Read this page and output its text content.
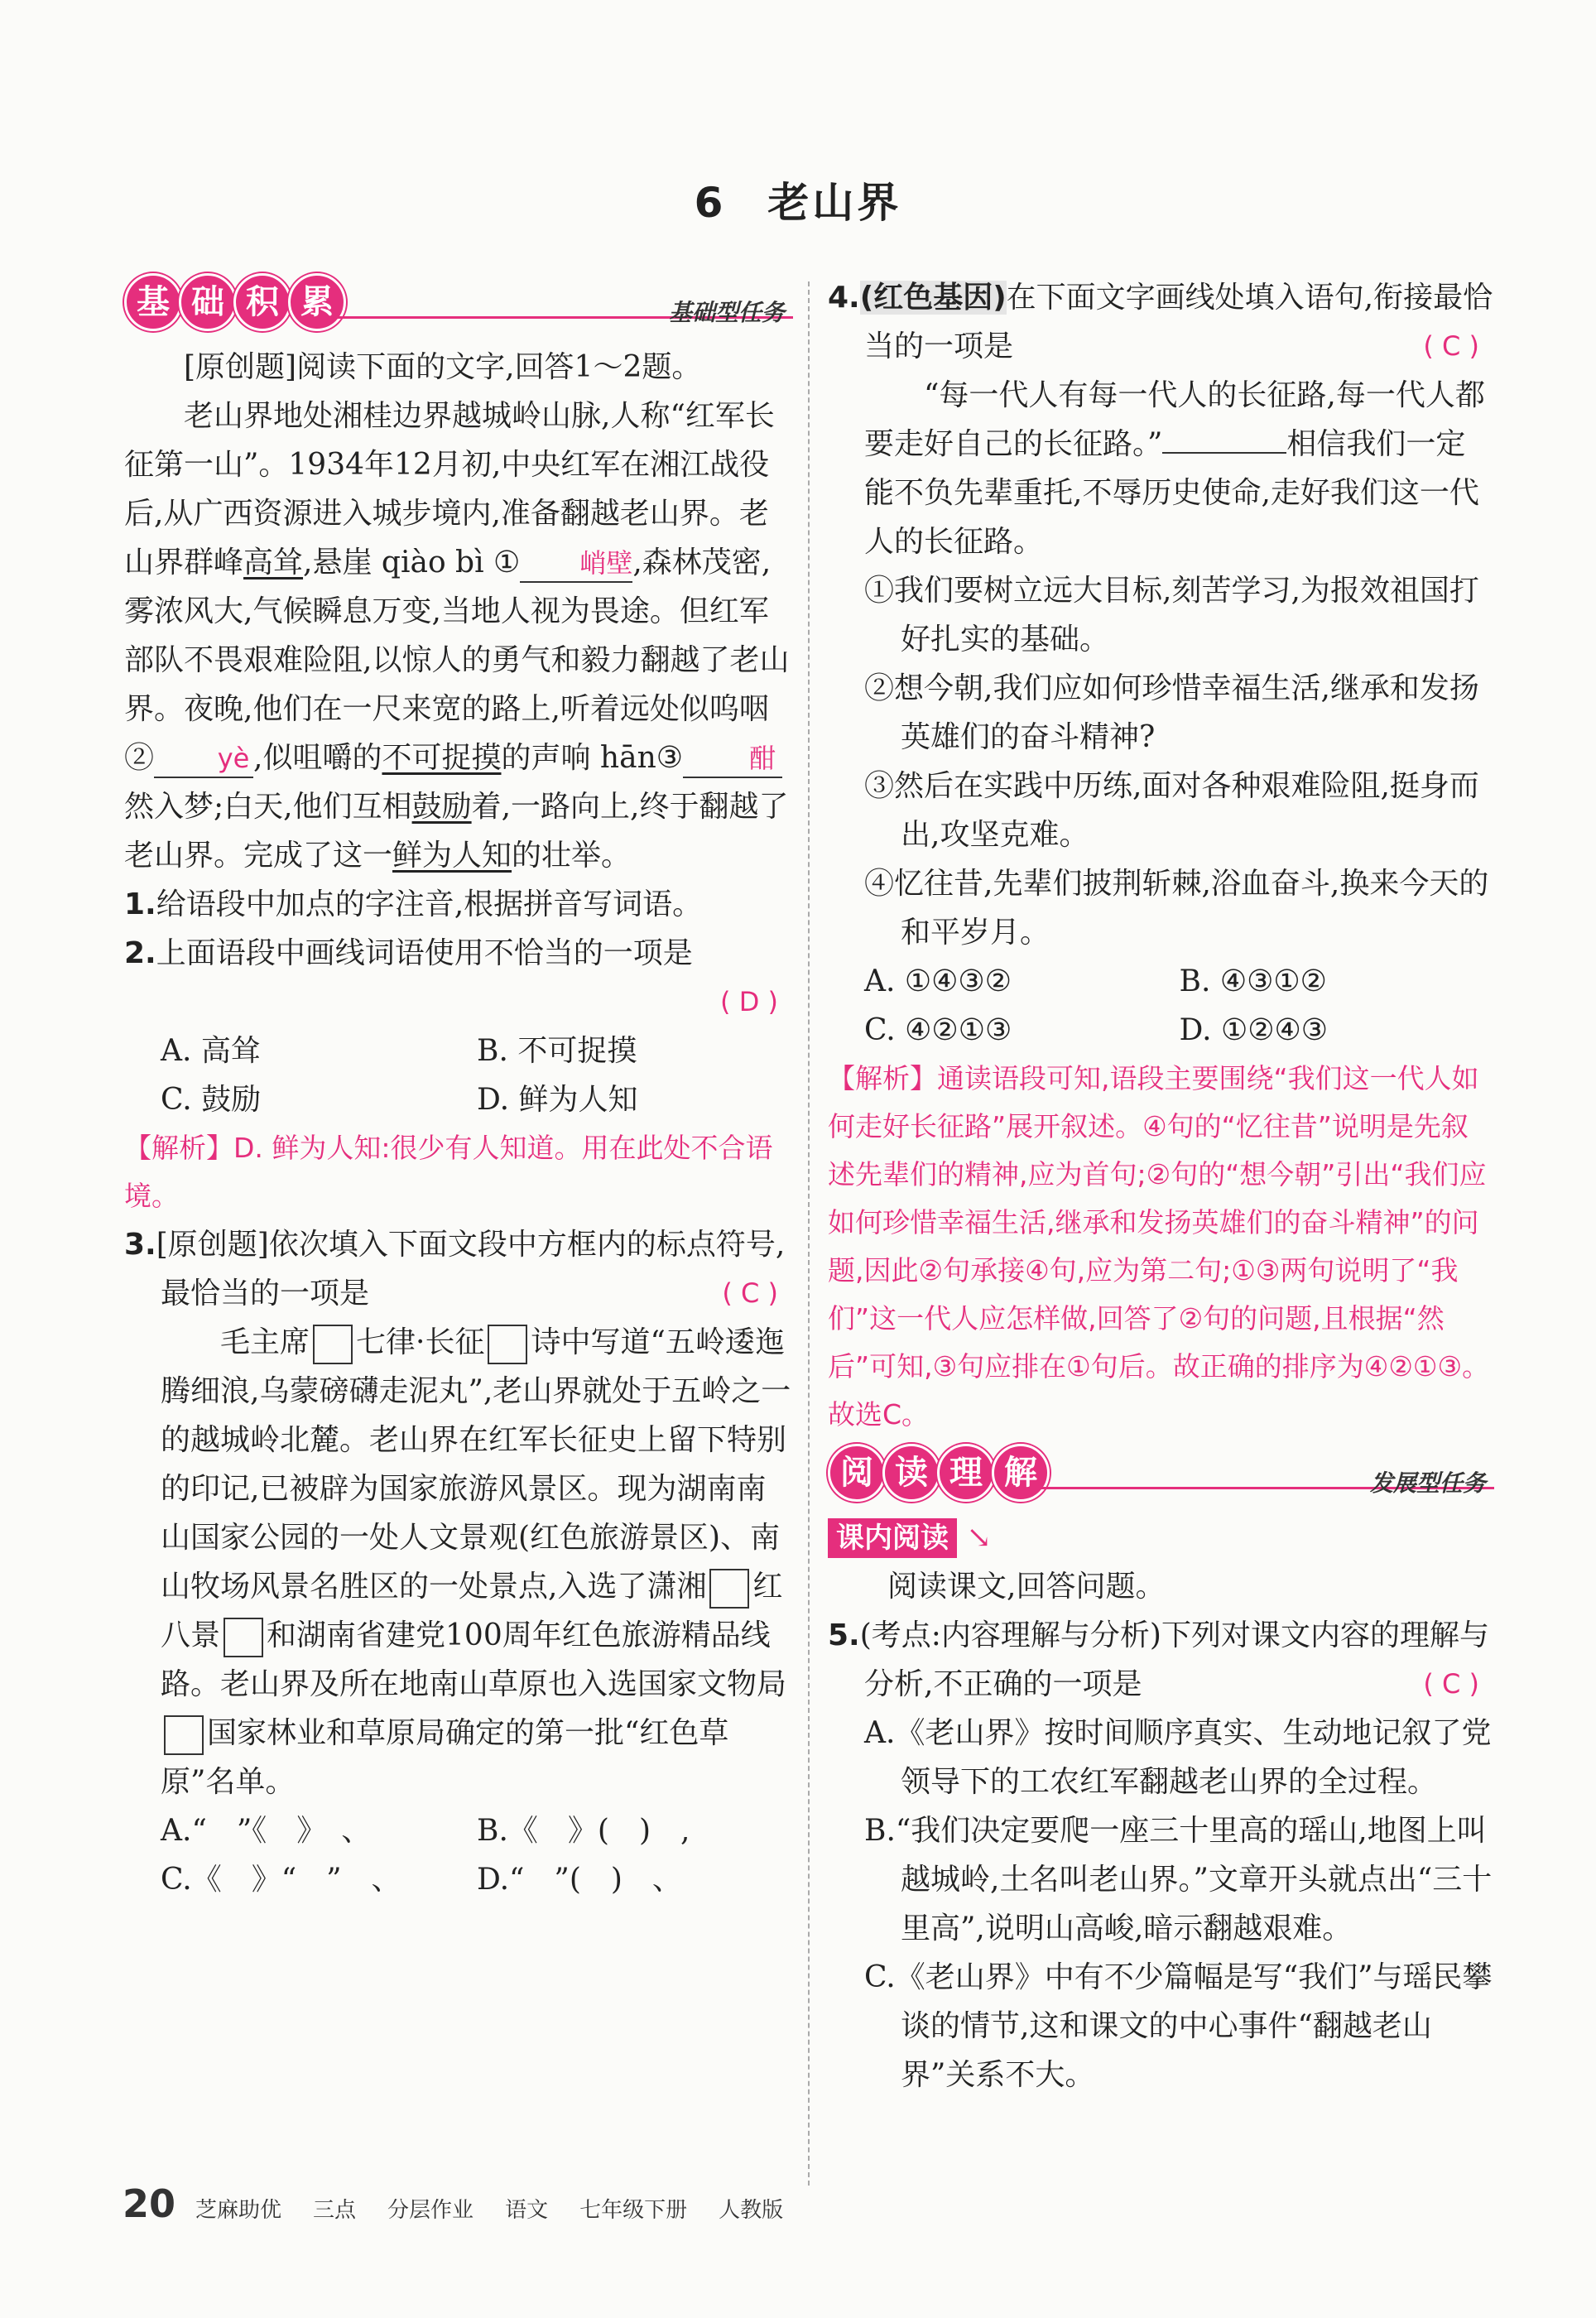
6 老山界
基 础 积 累	基础型任务

[原创题]阅读下面的文字,回答1～2题。

老山界地处湘桂边界越城岭山脉,人称“红军长征第一山”。1934年12月初,中央红军在湘江战役后,从广西资源进入城步境内,准备翻越老山界。老山界群峰高耸,悬崖 qiào bì ① 峭壁,森林茂密,雾浓风大,气候瞬息万变,当地人视为畏途。但红军部队不畏艰难险阻,以惊人的勇气和毅力翻越了老山界。夜晚,他们在一尺来宽的路上,听着远处似呜咽② yè ,似咀嚼的不可捉摸的声响 hān③ 酣然入梦;白天,他们互相鼓励着,一路向上,终于翻越了老山界。完成了这一鲜为人知的壮举。

1.给语段中加点的字注音,根据拼音写词语。

2.上面语段中画线词语使用不恰当的一项是

( D )

A. 高耸	B. 不可捉摸
C. 鼓励	D. 鲜为人知

【解析】D. 鲜为人知:很少有人知道。用在此处不合语境。

3.[原创题]依次填入下面文段中方框内的标点符号,最恰当的一项是	( C )

毛主席 七律·长征 诗中写道“五岭逶迤腾细浪,乌蒙磅礴走泥丸”,老山界就处于五岭之一的越城岭北麓。老山界在红军长征史上留下特别的印记,已被辟为国家旅游风景区。现为湖南南山国家公园的一处人文景观(红色旅游景区)、南山牧场风景名胜区的一处景点,入选了潇湘 红八景 和湖南省建党100周年红色旅游精品线路。老山界及所在地南山草原也入选国家文物局国家林业和草原局确定的第一批“红色草原”名单。

A.“　”《　》　、	B.《　》(　)　,
C.《　》“　”　、	D.“　”(　)　、

4.(红色基因)在下面文字画线处填入语句,衔接最恰当的一项是	( C )

“每一代人有每一代人的长征路,每一代人都要走好自己的长征路。”	相信我们一定能不负先辈重托,不辱历史使命,走好我们这一代人的长征路。

①我们要树立远大目标,刻苦学习,为报效祖国打好扎实的基础。

②想今朝,我们应如何珍惜幸福生活,继承和发扬英雄们的奋斗精神?

③然后在实践中历练,面对各种艰难险阻,挺身而出,攻坚克难。

④忆往昔,先辈们披荆斩棘,浴血奋斗,换来今天的和平岁月。

A. ①④③②	B. ④③①②
C. ④②①③	D. ①②④③

【解析】通读语段可知,语段主要围绕“我们这一代人如何走好长征路”展开叙述。④句的“忆往昔”说明是先叙述先辈们的精神,应为首句;②句的“想今朝”引出“我们应如何珍惜幸福生活,继承和发扬英雄们的奋斗精神”的问题,因此②句承接④句,应为第二句;①③两句说明了“我们”这一代人应怎样做,回答了②句的问题,且根据“然后”可知,③句应排在①句后。故正确的排序为④②①③。故选C。

阅 读 理 解	发展型任务

课内阅读 ↘

阅读课文,回答问题。

5.(考点:内容理解与分析)下列对课文内容的理解与分析,不正确的一项是	( C )

A.《老山界》按时间顺序真实、生动地记叙了党领导下的工农红军翻越老山界的全过程。

B.“我们决定要爬一座三十里高的瑶山,地图上叫越城岭,土名叫老山界。”文章开头就点出“三十里高”,说明山高峻,暗示翻越艰难。

C.《老山界》中有不少篇幅是写“我们”与瑶民攀谈的情节,这和课文的中心事件“翻越老山界”关系不大。

20 芝麻助优 三点 分层作业 语文 七年级下册 人教版
